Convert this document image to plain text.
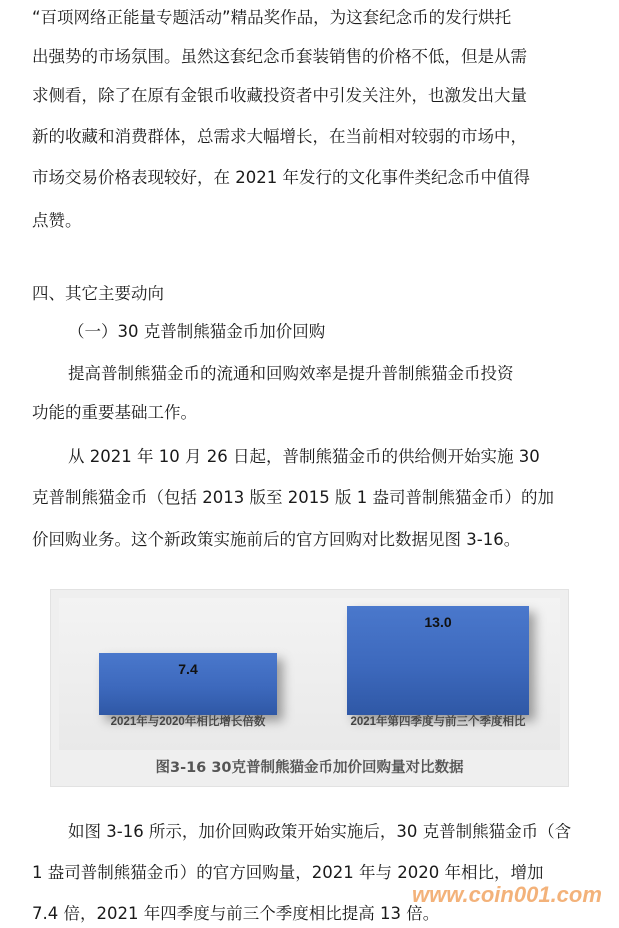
“百项网络正能量专题活动”精品奖作品，为这套纪念币的发行烘托
出强势的市场氛围。虽然这套纪念币套装销售的价格不低，但是从需
求侧看，除了在原有金银币收藏投资者中引发关注外，也激发出大量
新的收藏和消费群体，总需求大幅增长，在当前相对较弱的市场中，
市场交易价格表现较好，在 2021 年发行的文化事件类纪念币中值得
点赞。
四、其它主要动向
（一）30 克普制熊猫金币加价回购
提高普制熊猫金币的流通和回购效率是提升普制熊猫金币投资
功能的重要基础工作。
从 2021 年 10 月 26 日起，普制熊猫金币的供给侧开始实施 30
克普制熊猫金币（包括 2013 版至 2015 版 1 盎司普制熊猫金币）的加
价回购业务。这个新政策实施前后的官方回购对比数据见图 3-16。
7.4
2021年与2020年相比增长倍数
13.0
2021年第四季度与前三个季度相比
图3-16 30克普制熊猫金币加价回购量对比数据
如图 3-16 所示，加价回购政策开始实施后，30 克普制熊猫金币（含
1 盎司普制熊猫金币）的官方回购量，2021 年与 2020 年相比，增加
7.4 倍，2021 年四季度与前三个季度相比提高 13 倍。
www.coin001.com
